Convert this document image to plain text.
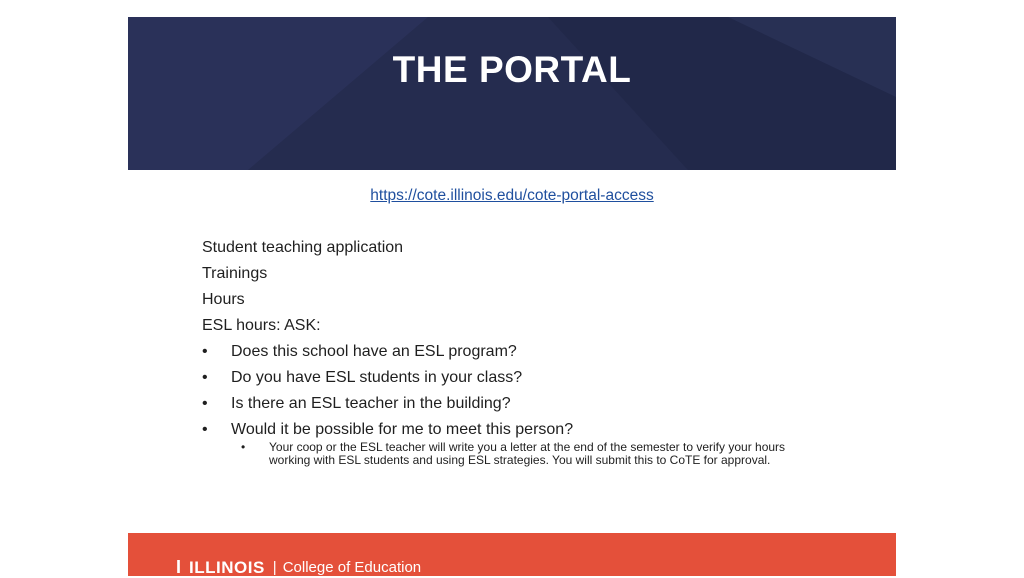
THE PORTAL
https://cote.illinois.edu/cote-portal-access
Student teaching application
Trainings
Hours
ESL hours: ASK:
• Does this school have an ESL program?
• Do you have ESL students in your class?
• Is there an ESL teacher in the building?
• Would it be possible for me to meet this person?
• Your coop or the ESL teacher will write you a letter at the end of the semester to verify your hours working with ESL students and using ESL strategies. You will submit this to CoTE for approval.
I ILLINOIS | College of Education
